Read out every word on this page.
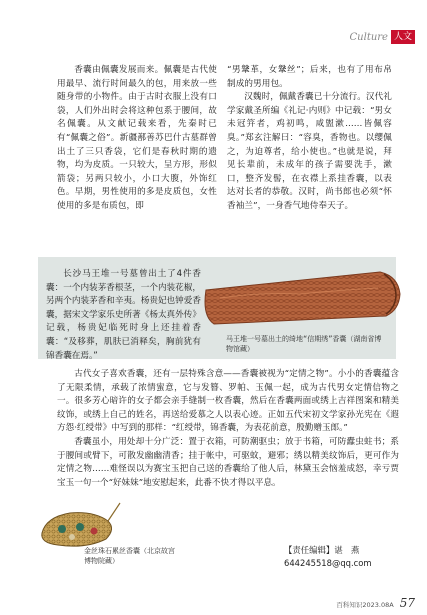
Culture 人文

香囊由佩囊发展而来。佩囊是古代使用最早、流行时间最久的包，用来放一些随身带的小物件。由于古时衣服上没有口袋，人们外出时会将这种包系于腰间，故名佩囊。从文献记载来看，先秦时已有“佩囊之俗”。新疆鄯善苏巴什古墓群曾出土了三只香袋，它们是春秋时期的遗物，均为皮质。一只较大，呈方形，形似箭袋；另两只较小，小口大腹，外饰红色。早期，男性使用的多是皮质包，女性使用的多是布质包，即

“男鞶革，女鞶丝”；后来，也有了用布帛制成的男用包。

汉魏时，佩戴香囊已十分流行。汉代礼学家戴圣所编《礼记·内则》中记载：“男女未冠笄者，鸡初鸣，咸盥漱……皆佩容臭。”郑玄注解曰：“容臭，香物也。以缨佩之，为迫尊者，给小使也。”也就是说，拜见长辈前，未成年的孩子需要洗手，漱口，整齐发髻，在衣襟上系挂香囊，以表达对长者的恭敬。汉时，尚书郎也必须“怀香袖兰”，一身香气地侍奉天子。

长沙马王堆一号墓曾出土了4件香囊：一个内装茅香根茎，一个内装花椒，另两个内装茅香和辛夷。杨贵妃也钟爱香囊，据宋文学家乐史所著《杨太真外传》记载，杨贵妃临死时身上还挂着香囊：“及移葬，肌肤已消释矣，胸前犹有锦香囊在焉。”

马王堆一号墓出土的绮地“信期绣”香囊（湖南省博物馆藏）

古代女子喜欢香囊，还有一层特殊含意——香囊被视为“定情之物”。小小的香囊蕴含了无限柔情，承载了浓情蜜意，它与发簪、罗帕、玉佩一起，成为古代男女定情信物之一。很多芳心暗许的女子都会亲手缝制一枚香囊，然后在香囊两面或绣上吉祥图案和精美纹饰，或绣上自己的姓名，再送给爱慕之人以表心迹。正如五代宋初文学家孙光宪在《遐方怨·红绶带》中写到的那样：“红绶带，锦香囊，为表花前意，殷勤赠玉郎。”

香囊虽小，用处却十分广泛：置于衣箱，可防潮驱虫；放于书箱，可防蠹虫蛀书；系于腰间或臂下，可散发幽幽清香；挂于帐中，可驱蚊，避邪；绣以精美纹饰后，更可作为定情之物……难怪误以为赛宝玉把自己送的香囊给了他人后，林黛玉会恼羞成怒，幸亏贾宝玉一句一个“好妹妹”地安慰起来，此番不快才得以平息。

金丝珠石累丝香囊（北京故宫博物院藏）
【责任编辑】谌　燕
644245518@qq.com
百科知识2023.08A 57
